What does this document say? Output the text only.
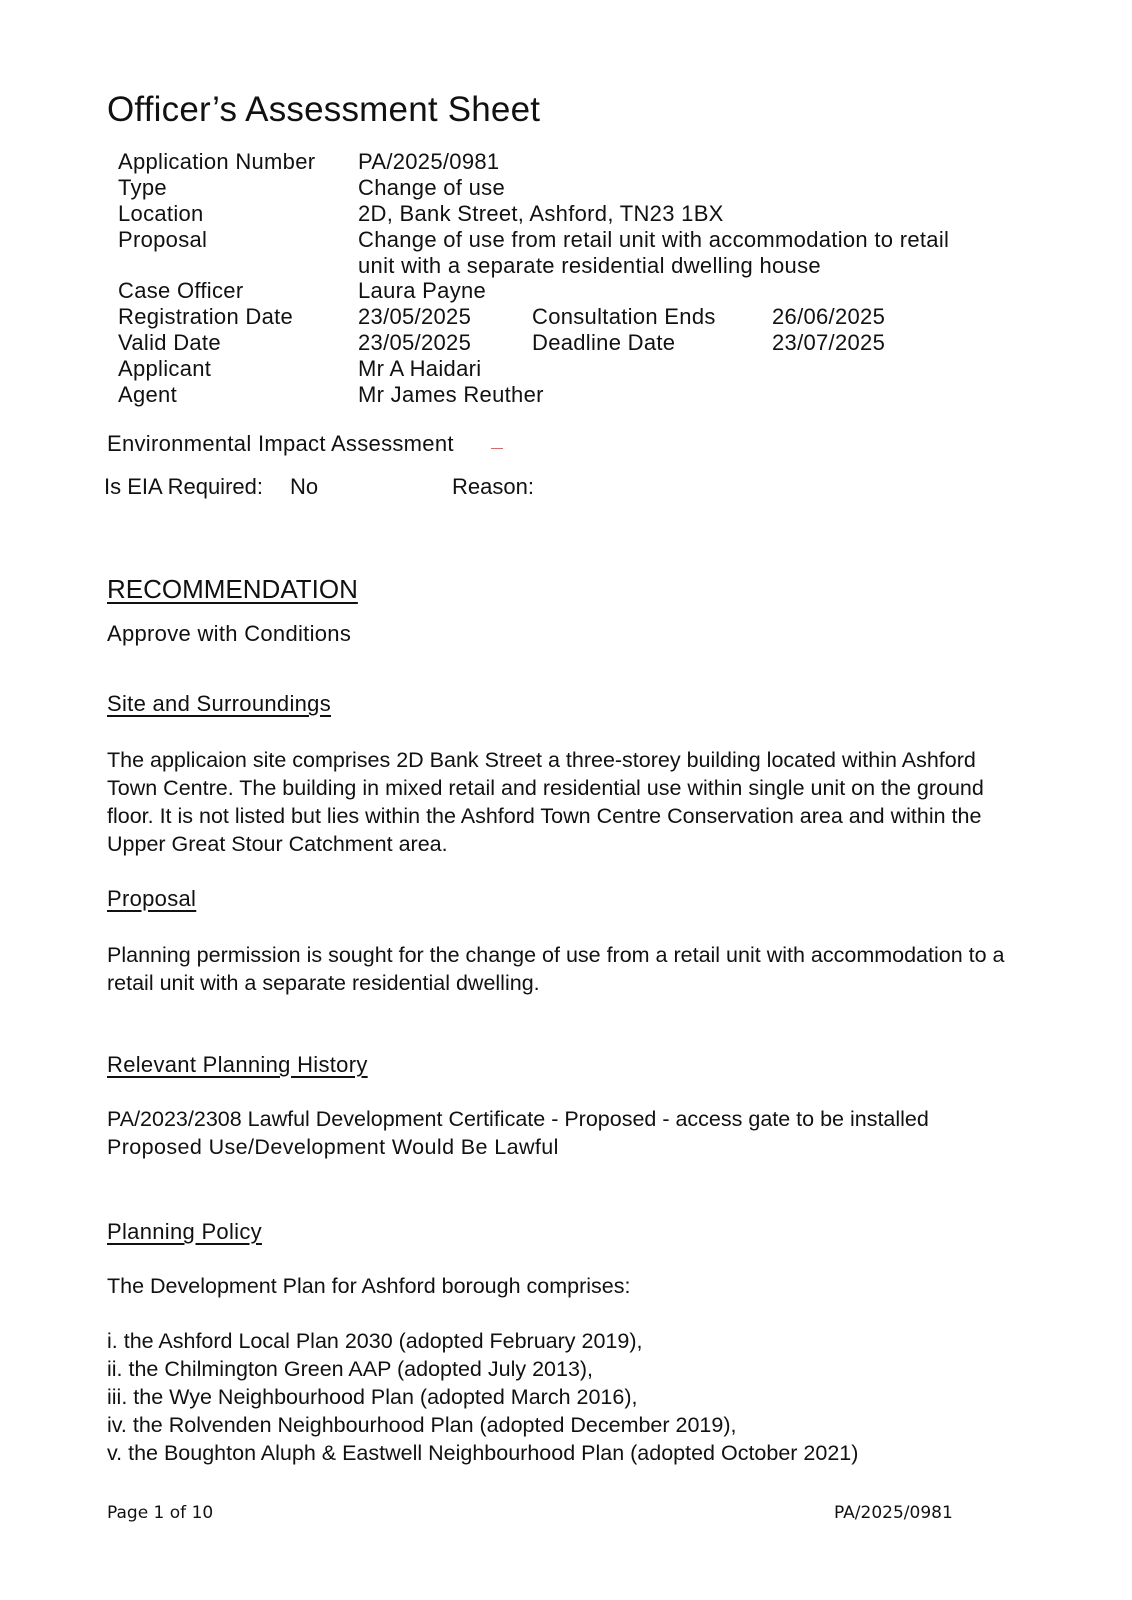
Officer’s Assessment Sheet
Application Number PA/2025/0981
Type	Change of use
Location	2D, Bank Street, Ashford, TN23 1BX
Proposal	Change of use from retail unit with accommodation to retail unit with a separate residential dwelling house
Case Officer	Laura Payne
Registration Date	23/05/2025	Consultation Ends	26/06/2025
Valid Date	23/05/2025	Deadline Date	23/07/2025
Applicant	Mr A Haidari
Agent	Mr James Reuther
Environmental Impact Assessment
Is EIA Required: No	Reason:
RECOMMENDATION
Approve with Conditions
Site and Surroundings
The applicaion site comprises 2D Bank Street a three-storey building located within Ashford Town Centre. The building in mixed retail and residential use within single unit on the ground floor. It is not listed but lies within the Ashford Town Centre Conservation area and within the Upper Great Stour Catchment area.
Proposal
Planning permission is sought for the change of use from a retail unit with accommodation to a retail unit with a separate residential dwelling.
Relevant Planning History
PA/2023/2308 Lawful Development Certificate - Proposed - access gate to be installed
Proposed Use/Development Would Be Lawful
Planning Policy
The Development Plan for Ashford borough comprises:
i. the Ashford Local Plan 2030 (adopted February 2019),
ii. the Chilmington Green AAP (adopted July 2013),
iii. the Wye Neighbourhood Plan (adopted March 2016),
iv. the Rolvenden Neighbourhood Plan (adopted December 2019),
v. the Boughton Aluph & Eastwell Neighbourhood Plan (adopted October 2021)
Page 1 of 10	PA/2025/0981
